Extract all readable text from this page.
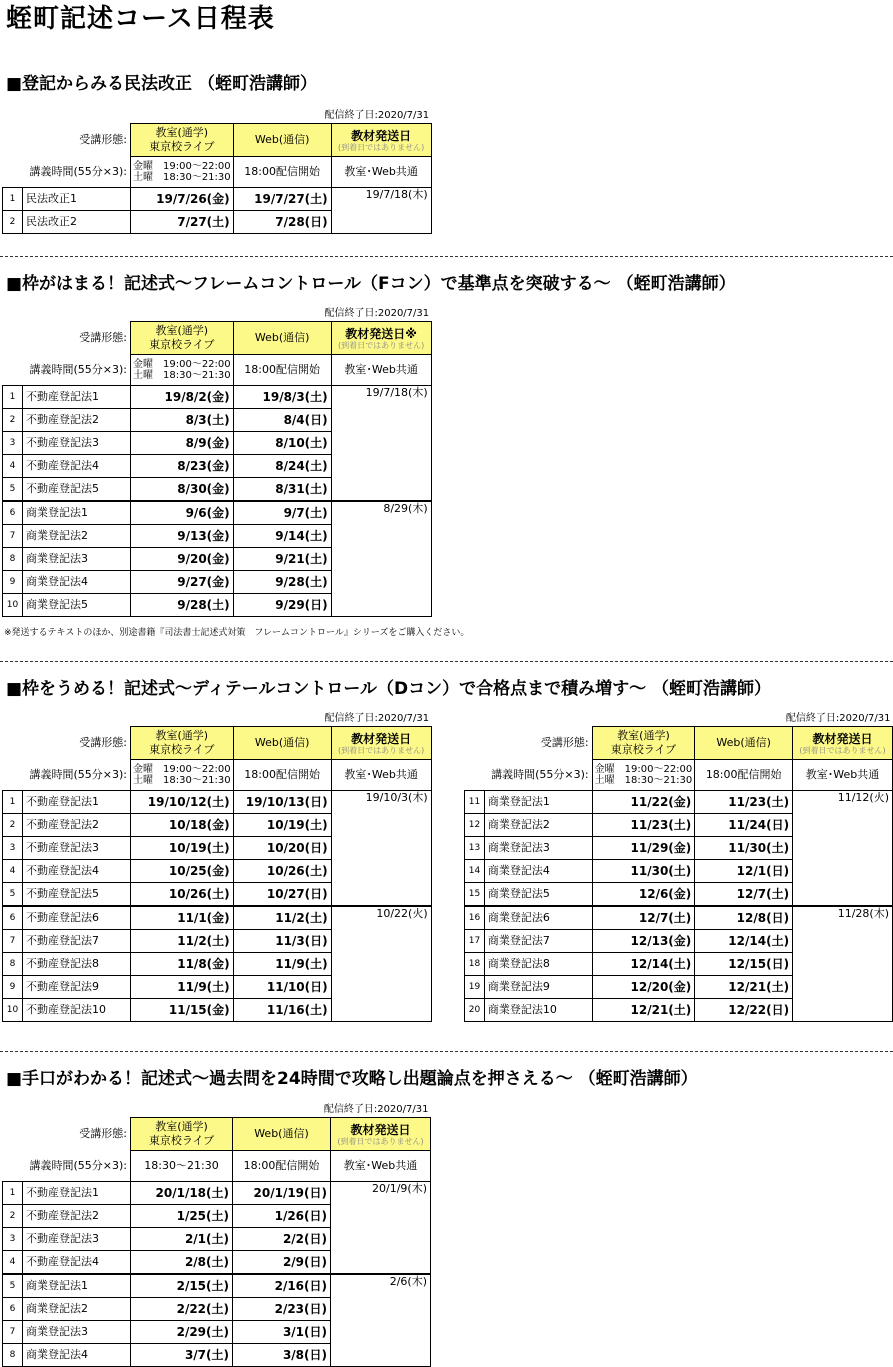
蛭町記述コース日程表
■登記からみる民法改正 （蛭町浩講師）
			配信終了日:2020/7/31	
受講形態:		教室(通学)
東京校ライブ	Web(通信)	教材発送日
(到着日ではありません)

講義時間(55分×3):		金曜　19:00～22:00
土曜　18:30～21:30	18:00配信開始	教室･Web共通
1	民法改正1	19/7/26(金)	19/7/27(土)	19/7/18(木)
2	民法改正2	7/27(土)	7/28(日)	
■枠がはまる！記述式～フレームコントロール（Fコン）で基準点を突破する～ （蛭町浩講師）
			配信終了日:2020/7/31	
受講形態:		教室(通学)
東京校ライブ	Web(通信)	教材発送日※
(到着日ではありません)

講義時間(55分×3):		金曜　19:00～22:00
土曜　18:30～21:30	18:00配信開始	教室･Web共通
1	不動産登記法1	19/8/2(金)	19/8/3(土)	19/7/18(木)
2	不動産登記法2	8/3(土)	8/4(日)	
3	不動産登記法3	8/9(金)	8/10(土)	
4	不動産登記法4	8/23(金)	8/24(土)	
5	不動産登記法5	8/30(金)	8/31(土)	
6	商業登記法1	9/6(金)	9/7(土)	8/29(木)
7	商業登記法2	9/13(金)	9/14(土)	
8	商業登記法3	9/20(金)	9/21(土)	
9	商業登記法4	9/27(金)	9/28(土)	
10	商業登記法5	9/28(土)	9/29(日)	
※発送するテキストのほか、別途書籍『司法書士記述式対策　フレームコントロール』シリーズをご購入ください。
■枠をうめる！記述式～ディテールコントロール（Dコン）で合格点まで積み増す～ （蛭町浩講師）
			配信終了日:2020/7/31	
受講形態:		教室(通学)
東京校ライブ	Web(通信)	教材発送日
(到着日ではありません)

講義時間(55分×3):		金曜　19:00～22:00
土曜　18:30～21:30	18:00配信開始	教室･Web共通
1	不動産登記法1	19/10/12(土)	19/10/13(日)	19/10/3(木)
2	不動産登記法2	10/18(金)	10/19(土)	
3	不動産登記法3	10/19(土)	10/20(日)	
4	不動産登記法4	10/25(金)	10/26(土)	
5	不動産登記法5	10/26(土)	10/27(日)	
6	不動産登記法6	11/1(金)	11/2(土)	10/22(火)
7	不動産登記法7	11/2(土)	11/3(日)	
8	不動産登記法8	11/8(金)	11/9(土)	
9	不動産登記法9	11/9(土)	11/10(日)	
10	不動産登記法10	11/15(金)	11/16(土)	
			配信終了日:2020/7/31	
受講形態:		教室(通学)
東京校ライブ	Web(通信)	教材発送日
(到着日ではありません)

講義時間(55分×3):		金曜　19:00～22:00
土曜　18:30～21:30	18:00配信開始	教室･Web共通
11	商業登記法1	11/22(金)	11/23(土)	11/12(火)
12	商業登記法2	11/23(土)	11/24(日)	
13	商業登記法3	11/29(金)	11/30(土)	
14	商業登記法4	11/30(土)	12/1(日)	
15	商業登記法5	12/6(金)	12/7(土)	
16	商業登記法6	12/7(土)	12/8(日)	11/28(木)
17	商業登記法7	12/13(金)	12/14(土)	
18	商業登記法8	12/14(土)	12/15(日)	
19	商業登記法9	12/20(金)	12/21(土)	
20	商業登記法10	12/21(土)	12/22(日)	
■手口がわかる！記述式～過去問を24時間で攻略し出題論点を押さえる～ （蛭町浩講師）
			配信終了日:2020/7/31	
受講形態:		教室(通学)
東京校ライブ	Web(通信)	教材発送日
(到着日ではありません)

講義時間(55分×3):		18:30～21:30	18:00配信開始	教室･Web共通
1	不動産登記法1	20/1/18(土)	20/1/19(日)	20/1/9(木)
2	不動産登記法2	1/25(土)	1/26(日)	
3	不動産登記法3	2/1(土)	2/2(日)	
4	不動産登記法4	2/8(土)	2/9(日)	
5	商業登記法1	2/15(土)	2/16(日)	2/6(木)
6	商業登記法2	2/22(土)	2/23(日)	
7	商業登記法3	2/29(土)	3/1(日)	
8	商業登記法4	3/7(土)	3/8(日)	
